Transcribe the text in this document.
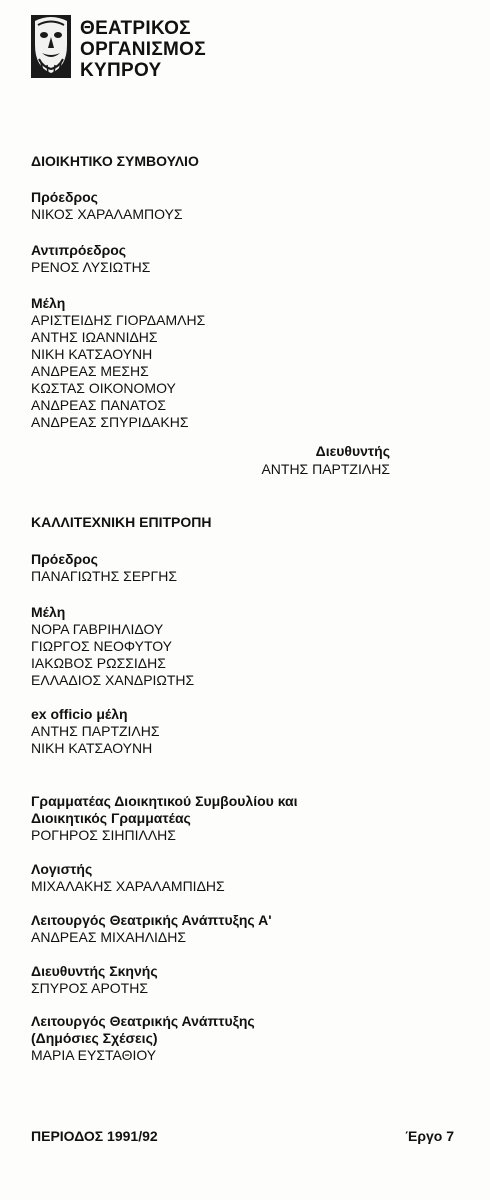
ΘΕΑΤΡΙΚΟΣ
ΟΡΓΑΝΙΣΜΟΣ
ΚΥΠΡΟΥ
ΔΙΟΙΚΗΤΙΚΟ ΣΥΜΒΟΥΛΙΟ
Πρόεδρος
ΝΙΚΟΣ ΧΑΡΑΛΑΜΠΟΥΣ
Αντιπρόεδρος
ΡΕΝΟΣ ΛΥΣΙΩΤΗΣ
Μέλη
ΑΡΙΣΤΕΙΔΗΣ ΓΙΟΡΔΑΜΛΗΣ
ΑΝΤΗΣ ΙΩΑΝΝΙΔΗΣ
ΝΙΚΗ ΚΑΤΣΑΟΥΝΗ
ΑΝΔΡΕΑΣ ΜΕΣΗΣ
ΚΩΣΤΑΣ ΟΙΚΟΝΟΜΟΥ
ΑΝΔΡΕΑΣ ΠΑΝΑΤΟΣ
ΑΝΔΡΕΑΣ ΣΠΥΡΙΔΑΚΗΣ
Διευθυντής
ΑΝΤΗΣ ΠΑΡΤΖΙΛΗΣ
ΚΑΛΛΙΤΕΧΝΙΚΗ ΕΠΙΤΡΟΠΗ
Πρόεδρος
ΠΑΝΑΓΙΩΤΗΣ ΣΕΡΓΗΣ
Μέλη
ΝΟΡΑ ΓΑΒΡΙΗΛΙΔΟΥ
ΓΙΩΡΓΟΣ ΝΕΟΦΥΤΟΥ
ΙΑΚΩΒΟΣ ΡΩΣΣΙΔΗΣ
ΕΛΛΑΔΙΟΣ ΧΑΝΔΡΙΩΤΗΣ
ex officio μέλη
ΑΝΤΗΣ ΠΑΡΤΖΙΛΗΣ
ΝΙΚΗ ΚΑΤΣΑΟΥΝΗ
Γραμματέας Διοικητικού Συμβουλίου και
Διοικητικός Γραμματέας
ΡΟΓΗΡΟΣ ΣΙΗΠΙΛΛΗΣ
Λογιστής
ΜΙΧΑΛΑΚΗΣ ΧΑΡΑΛΑΜΠΙΔΗΣ
Λειτουργός Θεατρικής Ανάπτυξης Α'
ΑΝΔΡΕΑΣ ΜΙΧΑΗΛΙΔΗΣ
Διευθυντής Σκηνής
ΣΠΥΡΟΣ ΑΡΟΤΗΣ
Λειτουργός Θεατρικής Ανάπτυξης
(Δημόσιες Σχέσεις)
ΜΑΡΙΑ ΕΥΣΤΑΘΙΟΥ
ΠΕΡΙΟΔΟΣ 1991/92	Έργο 7
